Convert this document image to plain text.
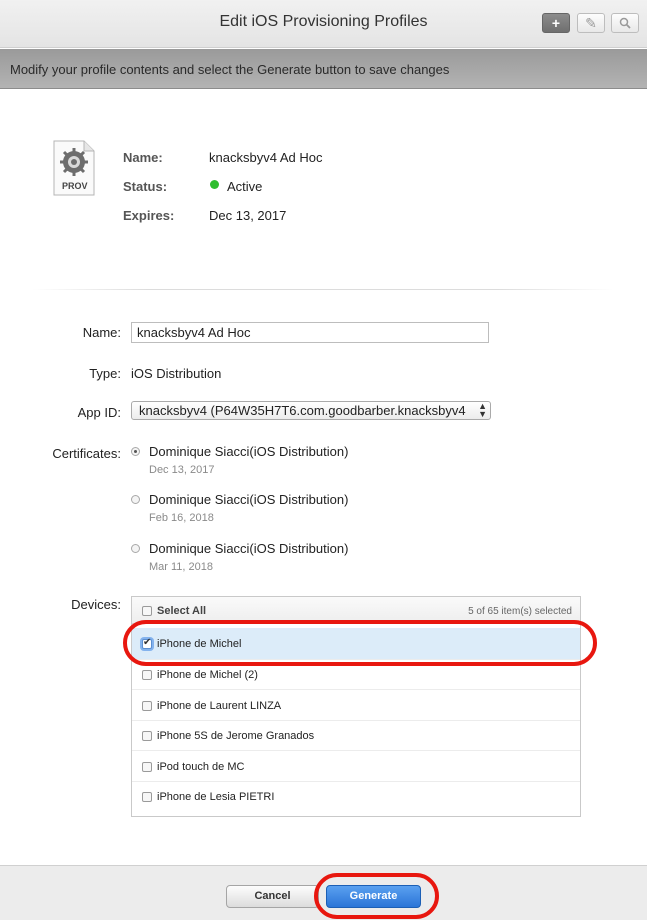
Edit iOS Provisioning Profiles	+	✎
Modify your profile contents and select the Generate button to save changes
PROV
Name:	knacksbyv4 Ad Hoc
Status:	Active
Expires:	Dec 13, 2017
Name:
knacksbyv4 Ad Hoc
Type: iOS Distribution
App ID:	knacksbyv4 (P64W35H7T6.com.goodbarber.knacksbyv4 ▲
▼
Certificates: Dominique Siacci(iOS Distribution)
Dec 13, 2017
Dominique Siacci(iOS Distribution)
Feb 16, 2018
Dominique Siacci(iOS Distribution)
Mar 11, 2018
Devices:	Select All	5 of 65 item(s) selected
✔
iPhone de Michel
iPhone de Michel (2)
iPhone de Laurent LINZA
iPhone 5S de Jerome Granados
iPod touch de MC
iPhone de Lesia PIETRI
Cancel	Generate
